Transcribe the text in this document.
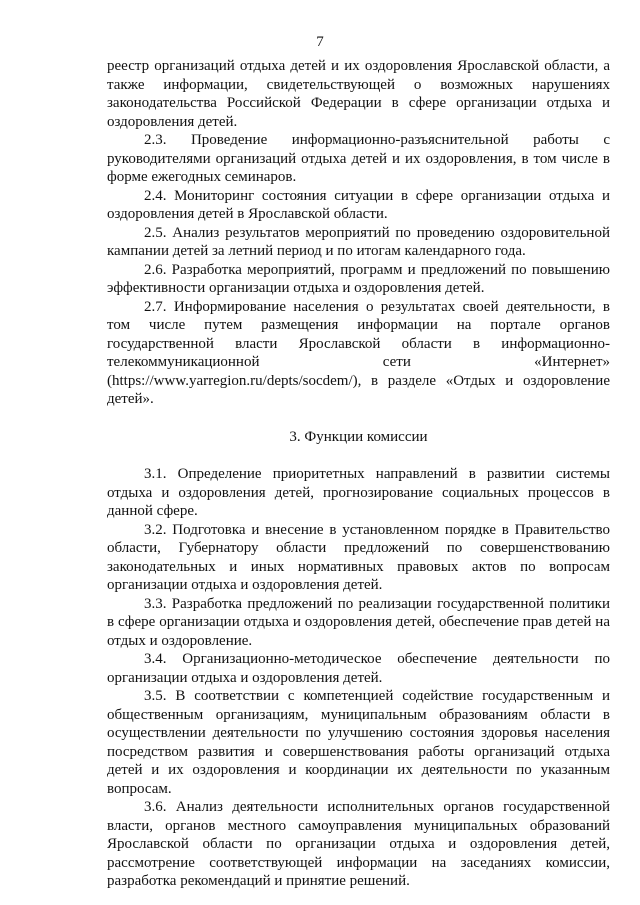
7

реестр организаций отдыха детей и их оздоровления Ярославской области, а также информации, свидетельствующей о возможных нарушениях законодательства Российской Федерации в сфере организации отдыха и оздоровления детей.

2.3. Проведение информационно-разъяснительной работы с руководителями организаций отдыха детей и их оздоровления, в том числе в форме ежегодных семинаров.

2.4. Мониторинг состояния ситуации в сфере организации отдыха и оздоровления детей в Ярославской области.

2.5. Анализ результатов мероприятий по проведению оздоровительной кампании детей за летний период и по итогам календарного года.

2.6. Разработка мероприятий, программ и предложений по повышению эффективности организации отдыха и оздоровления детей.

2.7. Информирование населения о результатах своей деятельности, в том числе путем размещения информации на портале органов государственной власти Ярославской области в информационно-телекоммуникационной сети «Интернет» (https://www.yarregion.ru/depts/socdem/), в разделе «Отдых и оздоровление детей».

3. Функции комиссии

3.1. Определение приоритетных направлений в развитии системы отдыха и оздоровления детей, прогнозирование социальных процессов в данной сфере.

3.2. Подготовка и внесение в установленном порядке в Правительство области, Губернатору области предложений по совершенствованию законодательных и иных нормативных правовых актов по вопросам организации отдыха и оздоровления детей.

3.3. Разработка предложений по реализации государственной политики в сфере организации отдыха и оздоровления детей, обеспечение прав детей на отдых и оздоровление.

3.4. Организационно-методическое обеспечение деятельности по организации отдыха и оздоровления детей.

3.5. В соответствии с компетенцией содействие государственным и общественным организациям, муниципальным образованиям области в осуществлении деятельности по улучшению состояния здоровья населения посредством развития и совершенствования работы организаций отдыха детей и их оздоровления и координации их деятельности по указанным вопросам.

3.6. Анализ деятельности исполнительных органов государственной власти, органов местного самоуправления муниципальных образований Ярославской области по организации отдыха и оздоровления детей, рассмотрение соответствующей информации на заседаниях комиссии, разработка рекомендаций и принятие решений.
